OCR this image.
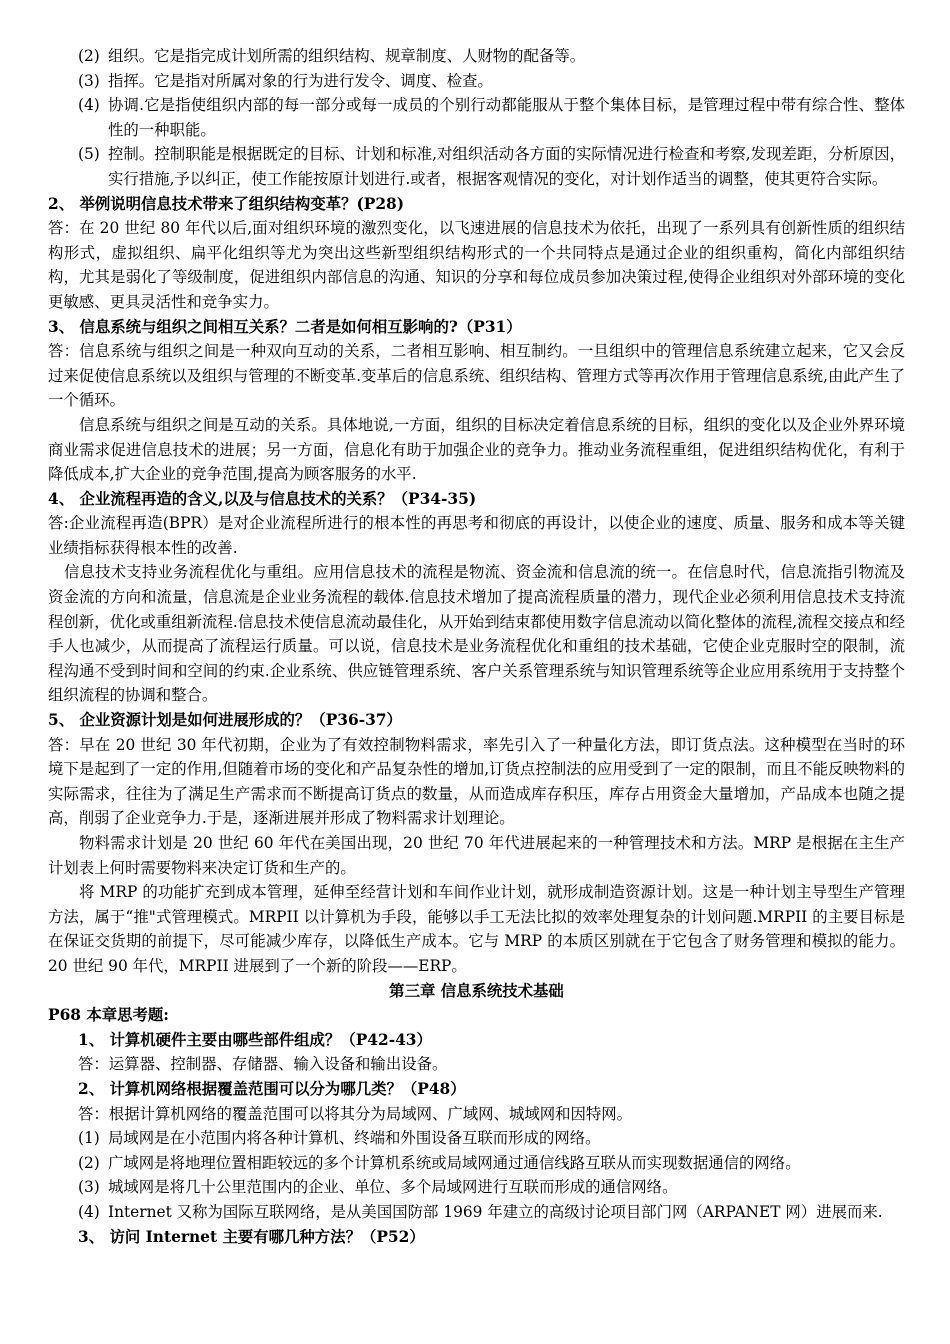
(2) 组织。它是指完成计划所需的组织结构、规章制度、人财物的配备等。
(3) 指挥。它是指对所属对象的行为进行发令、调度、检查。
(4) 协调.它是指使组织内部的每一部分或每一成员的个别行动都能服从于整个集体目标，是管理过程中带有综合性、整体性的一种职能。
(5) 控制。控制职能是根据既定的目标、计划和标准,对组织活动各方面的实际情况进行检查和考察,发现差距，分析原因，实行措施,予以纠正，使工作能按原计划进行.或者，根据客观情况的变化，对计划作适当的调整，使其更符合实际。
2、 举例说明信息技术带来了组织结构变革？(P28)

答：在 20 世纪 80 年代以后,面对组织环境的激烈变化，以飞速进展的信息技术为依托，出现了一系列具有创新性质的组织结构形式，虚拟组织、扁平化组织等尤为突出这些新型组织结构形式的一个共同特点是通过企业的组织重构，简化内部组织结构，尤其是弱化了等级制度，促进组织内部信息的沟通、知识的分享和每位成员参加决策过程,使得企业组织对外部环境的变化更敏感、更具灵活性和竞争实力。

3、 信息系统与组织之间相互关系？二者是如何相互影响的?（P31）

答：信息系统与组织之间是一种双向互动的关系，二者相互影响、相互制约。一旦组织中的管理信息系统建立起来，它又会反过来促使信息系统以及组织与管理的不断变革.变革后的信息系统、组织结构、管理方式等再次作用于管理信息系统,由此产生了一个循环。

信息系统与组织之间是互动的关系。具体地说,一方面，组织的目标决定着信息系统的目标，组织的变化以及企业外界环境商业需求促进信息技术的进展；另一方面，信息化有助于加强企业的竞争力。推动业务流程重组，促进组织结构优化，有利于降低成本,扩大企业的竞争范围,提高为顾客服务的水平.

4、 企业流程再造的含义,以及与信息技术的关系？（P34-35)

答:企业流程再造(BPR）是对企业流程所进行的根本性的再思考和彻底的再设计，以使企业的速度、质量、服务和成本等关键业绩指标获得根本性的改善.

信息技术支持业务流程优化与重组。应用信息技术的流程是物流、资金流和信息流的统一。在信息时代，信息流指引物流及资金流的方向和流量，信息流是企业业务流程的载体.信息技术增加了提高流程质量的潜力，现代企业必须利用信息技术支持流程创新，优化或重组新流程.信息技术使信息流动最佳化，从开始到结束都使用数字信息流动以简化整体的流程,流程交接点和经手人也减少，从而提高了流程运行质量。可以说，信息技术是业务流程优化和重组的技术基础，它使企业克服时空的限制，流程沟通不受到时间和空间的约束.企业系统、供应链管理系统、客户关系管理系统与知识管理系统等企业应用系统用于支持整个组织流程的协调和整合。

5、 企业资源计划是如何进展形成的？（P36-37）

答：早在 20 世纪 30 年代初期，企业为了有效控制物料需求，率先引入了一种量化方法，即订货点法。这种模型在当时的环境下是起到了一定的作用,但随着市场的变化和产品复杂性的增加,订货点控制法的应用受到了一定的限制，而且不能反映物料的实际需求，往往为了满足生产需求而不断提高订货点的数量，从而造成库存积压，库存占用资金大量增加，产品成本也随之提高，削弱了企业竞争力.于是，逐渐进展并形成了物料需求计划理论。

物料需求计划是 20 世纪 60 年代在美国出现，20 世纪 70 年代进展起来的一种管理技术和方法。MRP 是根据在主生产计划表上何时需要物料来决定订货和生产的。

将 MRP 的功能扩充到成本管理，延伸至经营计划和车间作业计划，就形成制造资源计划。这是一种计划主导型生产管理方法，属于“推"式管理模式。MRPII 以计算机为手段，能够以手工无法比拟的效率处理复杂的计划问题.MRPII 的主要目标是在保证交货期的前提下，尽可能减少库存，以降低生产成本。它与 MRP 的本质区别就在于它包含了财务管理和模拟的能力。20 世纪 90 年代，MRPII 进展到了一个新的阶段——ERP。

第三章 信息系统技术基础
P68 本章思考题:
1、 计算机硬件主要由哪些部件组成？（P42-43）
答：运算器、控制器、存储器、输入设备和输出设备。
2、 计算机网络根据覆盖范围可以分为哪几类？（P48）
答：根据计算机网络的覆盖范围可以将其分为局域网、广域网、城域网和因特网。
(1) 局域网是在小范围内将各种计算机、终端和外围设备互联而形成的网络。
(2) 广域网是将地理位置相距较远的多个计算机系统或局域网通过通信线路互联从而实现数据通信的网络。
(3) 城域网是将几十公里范围内的企业、单位、多个局域网进行互联而形成的通信网络。
(4) Internet 又称为国际互联网络，是从美国国防部 1969 年建立的高级讨论项目部门网（ARPANET 网）进展而来.
3、 访问 Internet 主要有哪几种方法？（P52）
